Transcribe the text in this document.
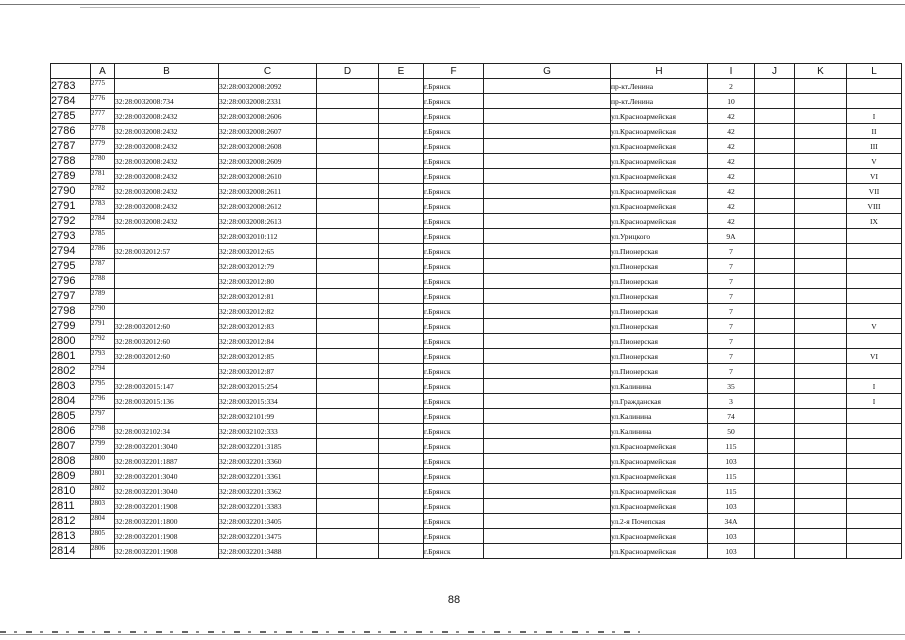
	A	B	C	D	E	F	G	H	I	J	K	L
2783	2775		32:28:0032008:2092			г.Брянск		пр-кт.Ленина	2			
2784	2776	32:28:0032008:734	32:28:0032008:2331			г.Брянск		пр-кт.Ленина	10			
2785	2777	32:28:0032008:2432	32:28:0032008:2606			г.Брянск		ул.Красноармейская	42			I
2786	2778	32:28:0032008:2432	32:28:0032008:2607			г.Брянск		ул.Красноармейская	42			II
2787	2779	32:28:0032008:2432	32:28:0032008:2608			г.Брянск		ул.Красноармейская	42			III
2788	2780	32:28:0032008:2432	32:28:0032008:2609			г.Брянск		ул.Красноармейская	42			V
2789	2781	32:28:0032008:2432	32:28:0032008:2610			г.Брянск		ул.Красноармейская	42			VI
2790	2782	32:28:0032008:2432	32:28:0032008:2611			г.Брянск		ул.Красноармейская	42			VII
2791	2783	32:28:0032008:2432	32:28:0032008:2612			г.Брянск		ул.Красноармейская	42			VIII
2792	2784	32:28:0032008:2432	32:28:0032008:2613			г.Брянск		ул.Красноармейская	42			IX
2793	2785		32:28:0032010:112			г.Брянск		ул.Урицкого	9А			
2794	2786	32:28:0032012:57	32:28:0032012:65			г.Брянск		ул.Пионерская	7			
2795	2787		32:28:0032012:79			г.Брянск		ул.Пионерская	7			
2796	2788		32:28:0032012:80			г.Брянск		ул.Пионерская	7			
2797	2789		32:28:0032012:81			г.Брянск		ул.Пионерская	7			
2798	2790		32:28:0032012:82			г.Брянск		ул.Пионерская	7			
2799	2791	32:28:0032012:60	32:28:0032012:83			г.Брянск		ул.Пионерская	7			V
2800	2792	32:28:0032012:60	32:28:0032012:84			г.Брянск		ул.Пионерская	7			
2801	2793	32:28:0032012:60	32:28:0032012:85			г.Брянск		ул.Пионерская	7			VI
2802	2794		32:28:0032012:87			г.Брянск		ул.Пионерская	7			
2803	2795	32:28:0032015:147	32:28:0032015:254			г.Брянск		ул.Калинина	35			I
2804	2796	32:28:0032015:136	32:28:0032015:334			г.Брянск		ул.Гражданская	3			I
2805	2797		32:28:0032101:99			г.Брянск		ул.Калинина	74			
2806	2798	32:28:0032102:34	32:28:0032102:333			г.Брянск		ул.Калинина	50			
2807	2799	32:28:0032201:3040	32:28:0032201:3185			г.Брянск		ул.Красноармейская	115			
2808	2800	32:28:0032201:1887	32:28:0032201:3360			г.Брянск		ул.Красноармейская	103			
2809	2801	32:28:0032201:3040	32:28:0032201:3361			г.Брянск		ул.Красноармейская	115			
2810	2802	32:28:0032201:3040	32:28:0032201:3362			г.Брянск		ул.Красноармейская	115			
2811	2803	32:28:0032201:1908	32:28:0032201:3383			г.Брянск		ул.Красноармейская	103			
2812	2804	32:28:0032201:1800	32:28:0032201:3405			г.Брянск		ул.2-я Почепская	34А			
2813	2805	32:28:0032201:1908	32:28:0032201:3475			г.Брянск		ул.Красноармейская	103			
2814	2806	32:28:0032201:1908	32:28:0032201:3488			г.Брянск		ул.Красноармейская	103			
88
